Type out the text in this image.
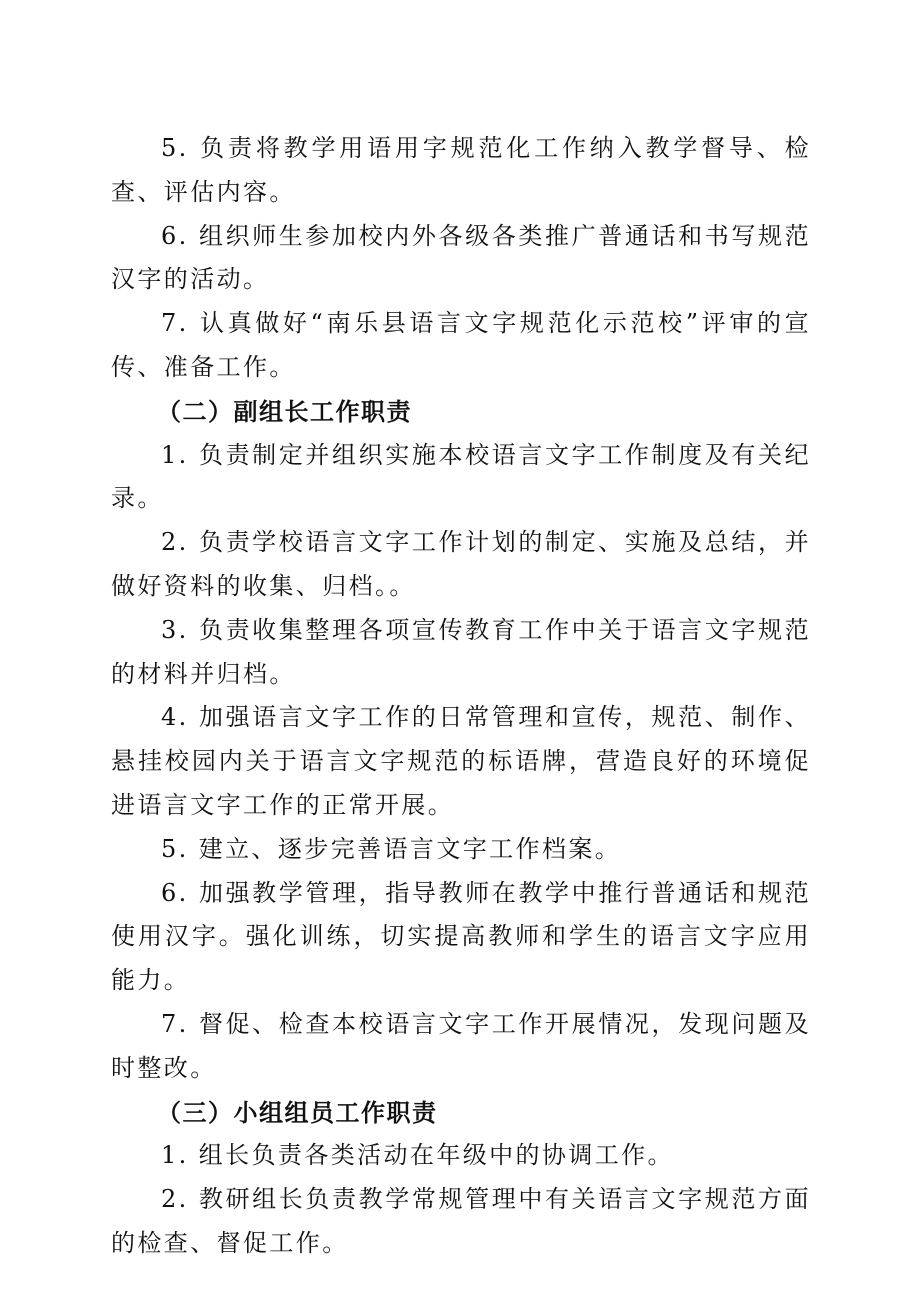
5. 负责将教学用语用字规范化工作纳入教学督导、检查、评估内容。

6. 组织师生参加校内外各级各类推广普通话和书写规范汉字的活动。

7. 认真做好“南乐县语言文字规范化示范校”评审的宣传、准备工作。

（二）副组长工作职责

1. 负责制定并组织实施本校语言文字工作制度及有关纪录。

2. 负责学校语言文字工作计划的制定、实施及总结，并做好资料的收集、归档。。

3. 负责收集整理各项宣传教育工作中关于语言文字规范的材料并归档。

4. 加强语言文字工作的日常管理和宣传，规范、制作、悬挂校园内关于语言文字规范的标语牌，营造良好的环境促进语言文字工作的正常开展。

5. 建立、逐步完善语言文字工作档案。

6. 加强教学管理，指导教师在教学中推行普通话和规范使用汉字。强化训练，切实提高教师和学生的语言文字应用能力。

7. 督促、检查本校语言文字工作开展情况，发现问题及时整改。

（三）小组组员工作职责

1. 组长负责各类活动在年级中的协调工作。

2. 教研组长负责教学常规管理中有关语言文字规范方面的检查、督促工作。
